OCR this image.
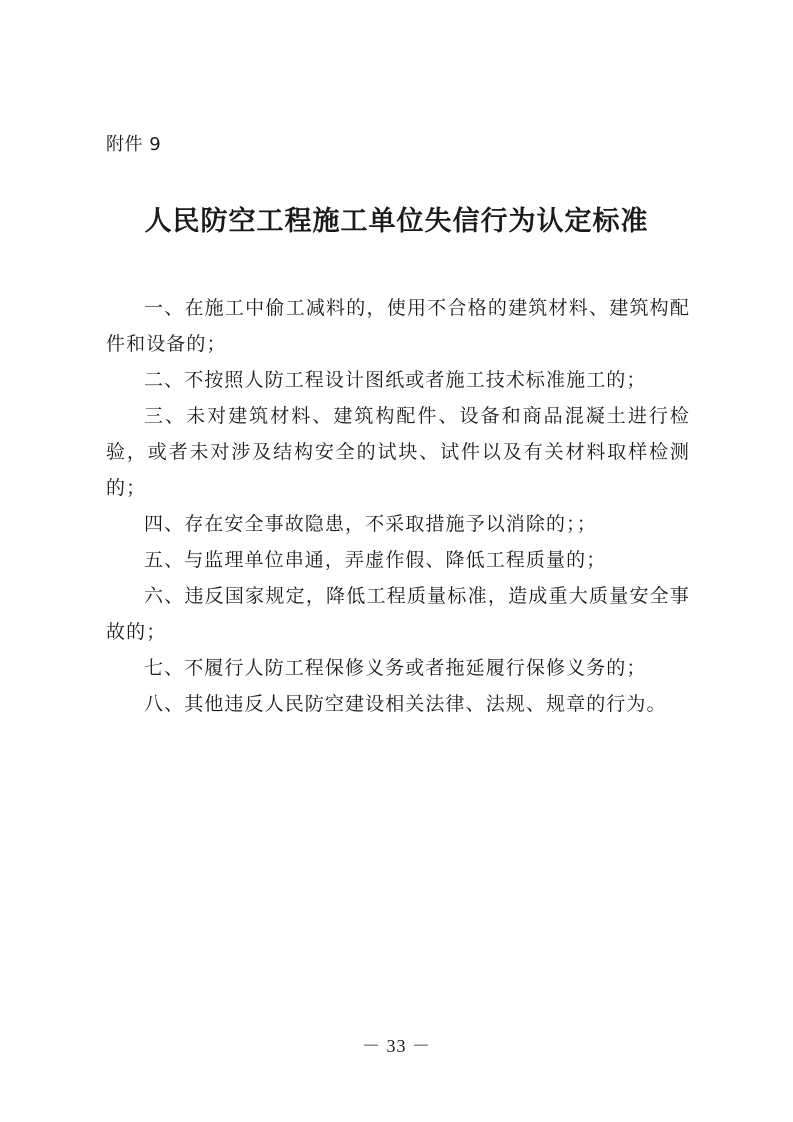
附件 9
人民防空工程施工单位失信行为认定标准

一、在施工中偷工减料的，使用不合格的建筑材料、建筑构配件和设备的；

二、不按照人防工程设计图纸或者施工技术标准施工的；

三、未对建筑材料、建筑构配件、设备和商品混凝土进行检验，或者未对涉及结构安全的试块、试件以及有关材料取样检测的；

四、存在安全事故隐患，不采取措施予以消除的；；

五、与监理单位串通，弄虚作假、降低工程质量的；

六、违反国家规定，降低工程质量标准，造成重大质量安全事故的；

七、不履行人防工程保修义务或者拖延履行保修义务的；

八、其他违反人民防空建设相关法律、法规、规章的行为。

－ 33 －
